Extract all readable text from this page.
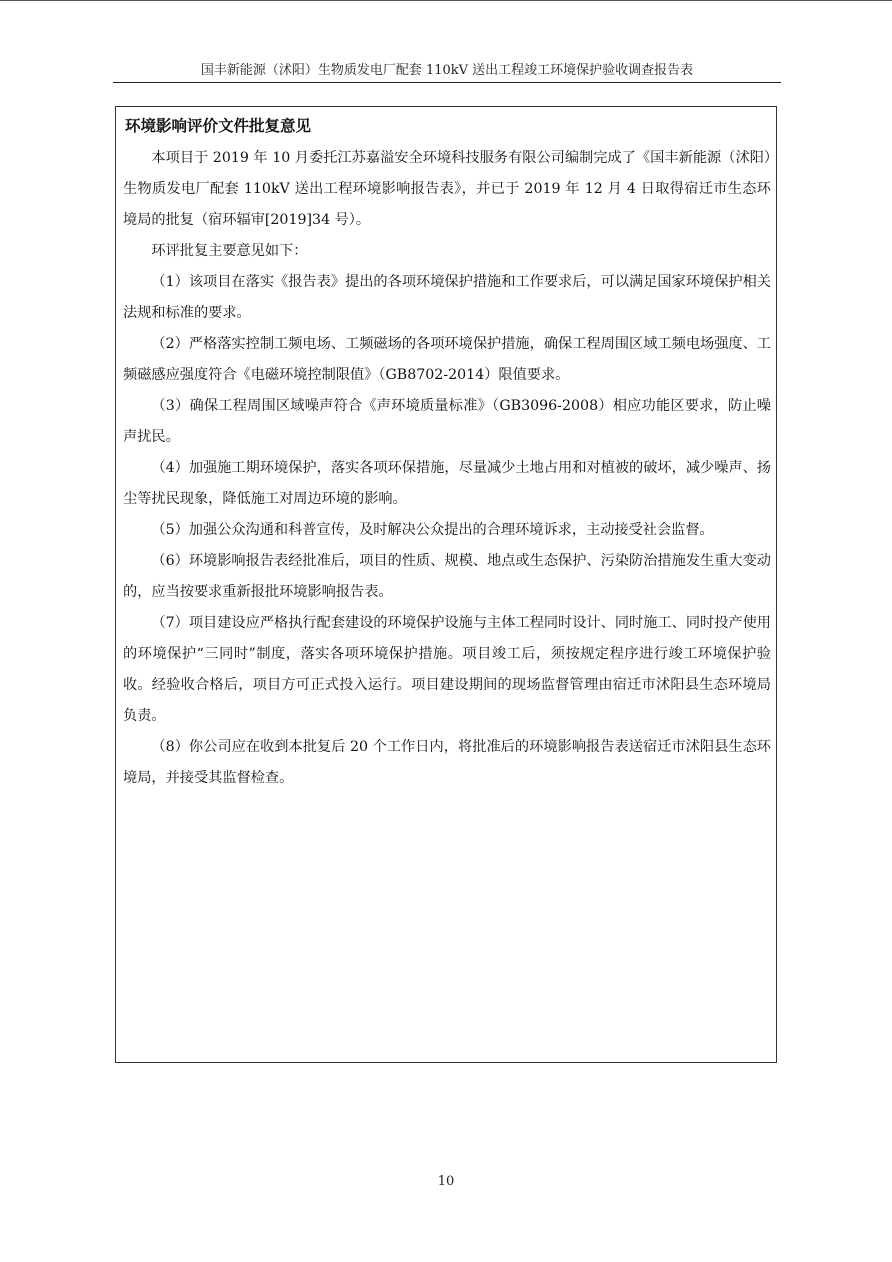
国丰新能源（沭阳）生物质发电厂配套 110kV 送出工程竣工环境保护验收调查报告表
环境影响评价文件批复意见

本项目于 2019 年 10 月委托江苏嘉溢安全环境科技服务有限公司编制完成了《国丰新能源（沭阳）生物质发电厂配套 110kV 送出工程环境影响报告表》，并已于 2019 年 12 月 4 日取得宿迁市生态环境局的批复（宿环辐审[2019]34 号）。

环评批复主要意见如下：

（1）该项目在落实《报告表》提出的各项环境保护措施和工作要求后，可以满足国家环境保护相关法规和标准的要求。

（2）严格落实控制工频电场、工频磁场的各项环境保护措施，确保工程周围区域工频电场强度、工频磁感应强度符合《电磁环境控制限值》（GB8702-2014）限值要求。

（3）确保工程周围区域噪声符合《声环境质量标准》（GB3096-2008）相应功能区要求，防止噪声扰民。

（4）加强施工期环境保护，落实各项环保措施，尽量减少土地占用和对植被的破坏，减少噪声、扬尘等扰民现象，降低施工对周边环境的影响。

（5）加强公众沟通和科普宣传，及时解决公众提出的合理环境诉求，主动接受社会监督。

（6）环境影响报告表经批准后，项目的性质、规模、地点或生态保护、污染防治措施发生重大变动的，应当按要求重新报批环境影响报告表。

（7）项目建设应严格执行配套建设的环境保护设施与主体工程同时设计、同时施工、同时投产使用的环境保护“三同时”制度，落实各项环境保护措施。项目竣工后，须按规定程序进行竣工环境保护验收。经验收合格后，项目方可正式投入运行。项目建设期间的现场监督管理由宿迁市沭阳县生态环境局负责。

（8）你公司应在收到本批复后 20 个工作日内，将批准后的环境影响报告表送宿迁市沭阳县生态环境局，并接受其监督检查。

10
